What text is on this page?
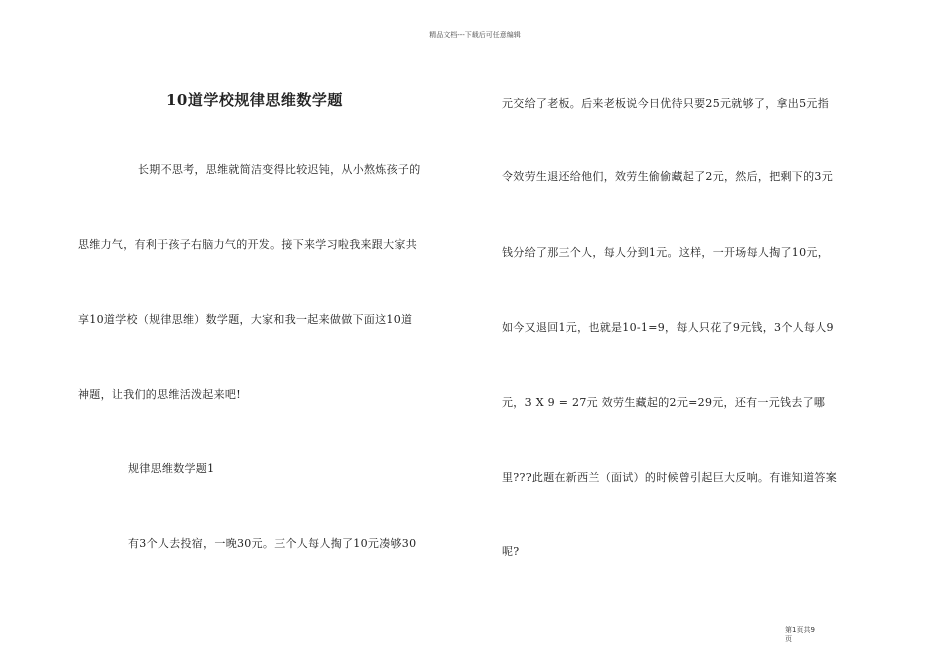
精品文档---下载后可任意编辑
10道学校规律思维数学题
长期不思考，思维就简洁变得比较迟钝，从小熬炼孩子的
思维力气，有利于孩子右脑力气的开发。接下来学习啦我来跟大家共
享10道学校（规律思维）数学题，大家和我一起来做做下面这10道
神题，让我们的思维活泼起来吧!
规律思维数学题1
有3个人去投宿，一晚30元。三个人每人掏了10元凑够30
元交给了老板。后来老板说今日优待只要25元就够了，拿出5元指
令效劳生退还给他们，效劳生偷偷藏起了2元，然后，把剩下的3元
钱分给了那三个人，每人分到1元。这样，一开场每人掏了10元，
如今又退回1元，也就是10-1=9，每人只花了9元钱，3个人每人9
元，3 X 9 = 27元 效劳生藏起的2元=29元，还有一元钱去了哪
里???此题在新西兰（面试）的时候曾引起巨大反响。有谁知道答案
呢?
第1页共9
页
